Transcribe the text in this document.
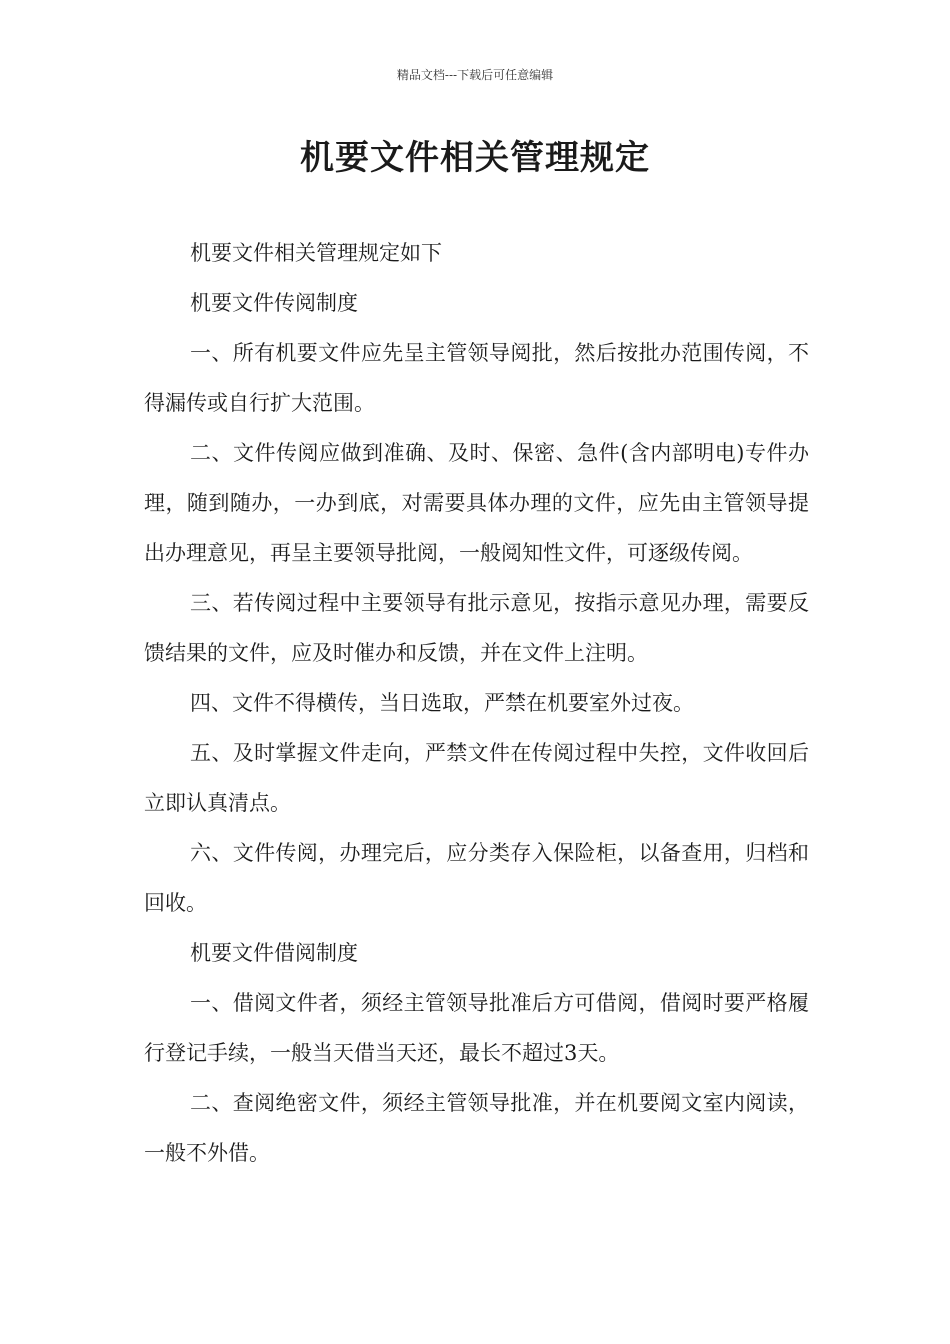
精品文档---下载后可任意编辑
机要文件相关管理规定

机要文件相关管理规定如下

机要文件传阅制度

一、所有机要文件应先呈主管领导阅批，然后按批办范围传阅，不得漏传或自行扩大范围。

二、文件传阅应做到准确、及时、保密、急件(含内部明电)专件办理，随到随办，一办到底，对需要具体办理的文件，应先由主管领导提出办理意见，再呈主要领导批阅，一般阅知性文件，可逐级传阅。

三、若传阅过程中主要领导有批示意见，按指示意见办理，需要反馈结果的文件，应及时催办和反馈，并在文件上注明。

四、文件不得横传，当日选取，严禁在机要室外过夜。

五、及时掌握文件走向，严禁文件在传阅过程中失控，文件收回后立即认真清点。

六、文件传阅，办理完后，应分类存入保险柜，以备查用，归档和回收。

机要文件借阅制度

一、借阅文件者，须经主管领导批准后方可借阅，借阅时要严格履行登记手续，一般当天借当天还，最长不超过3天。

二、查阅绝密文件，须经主管领导批准，并在机要阅文室内阅读，一般不外借。
